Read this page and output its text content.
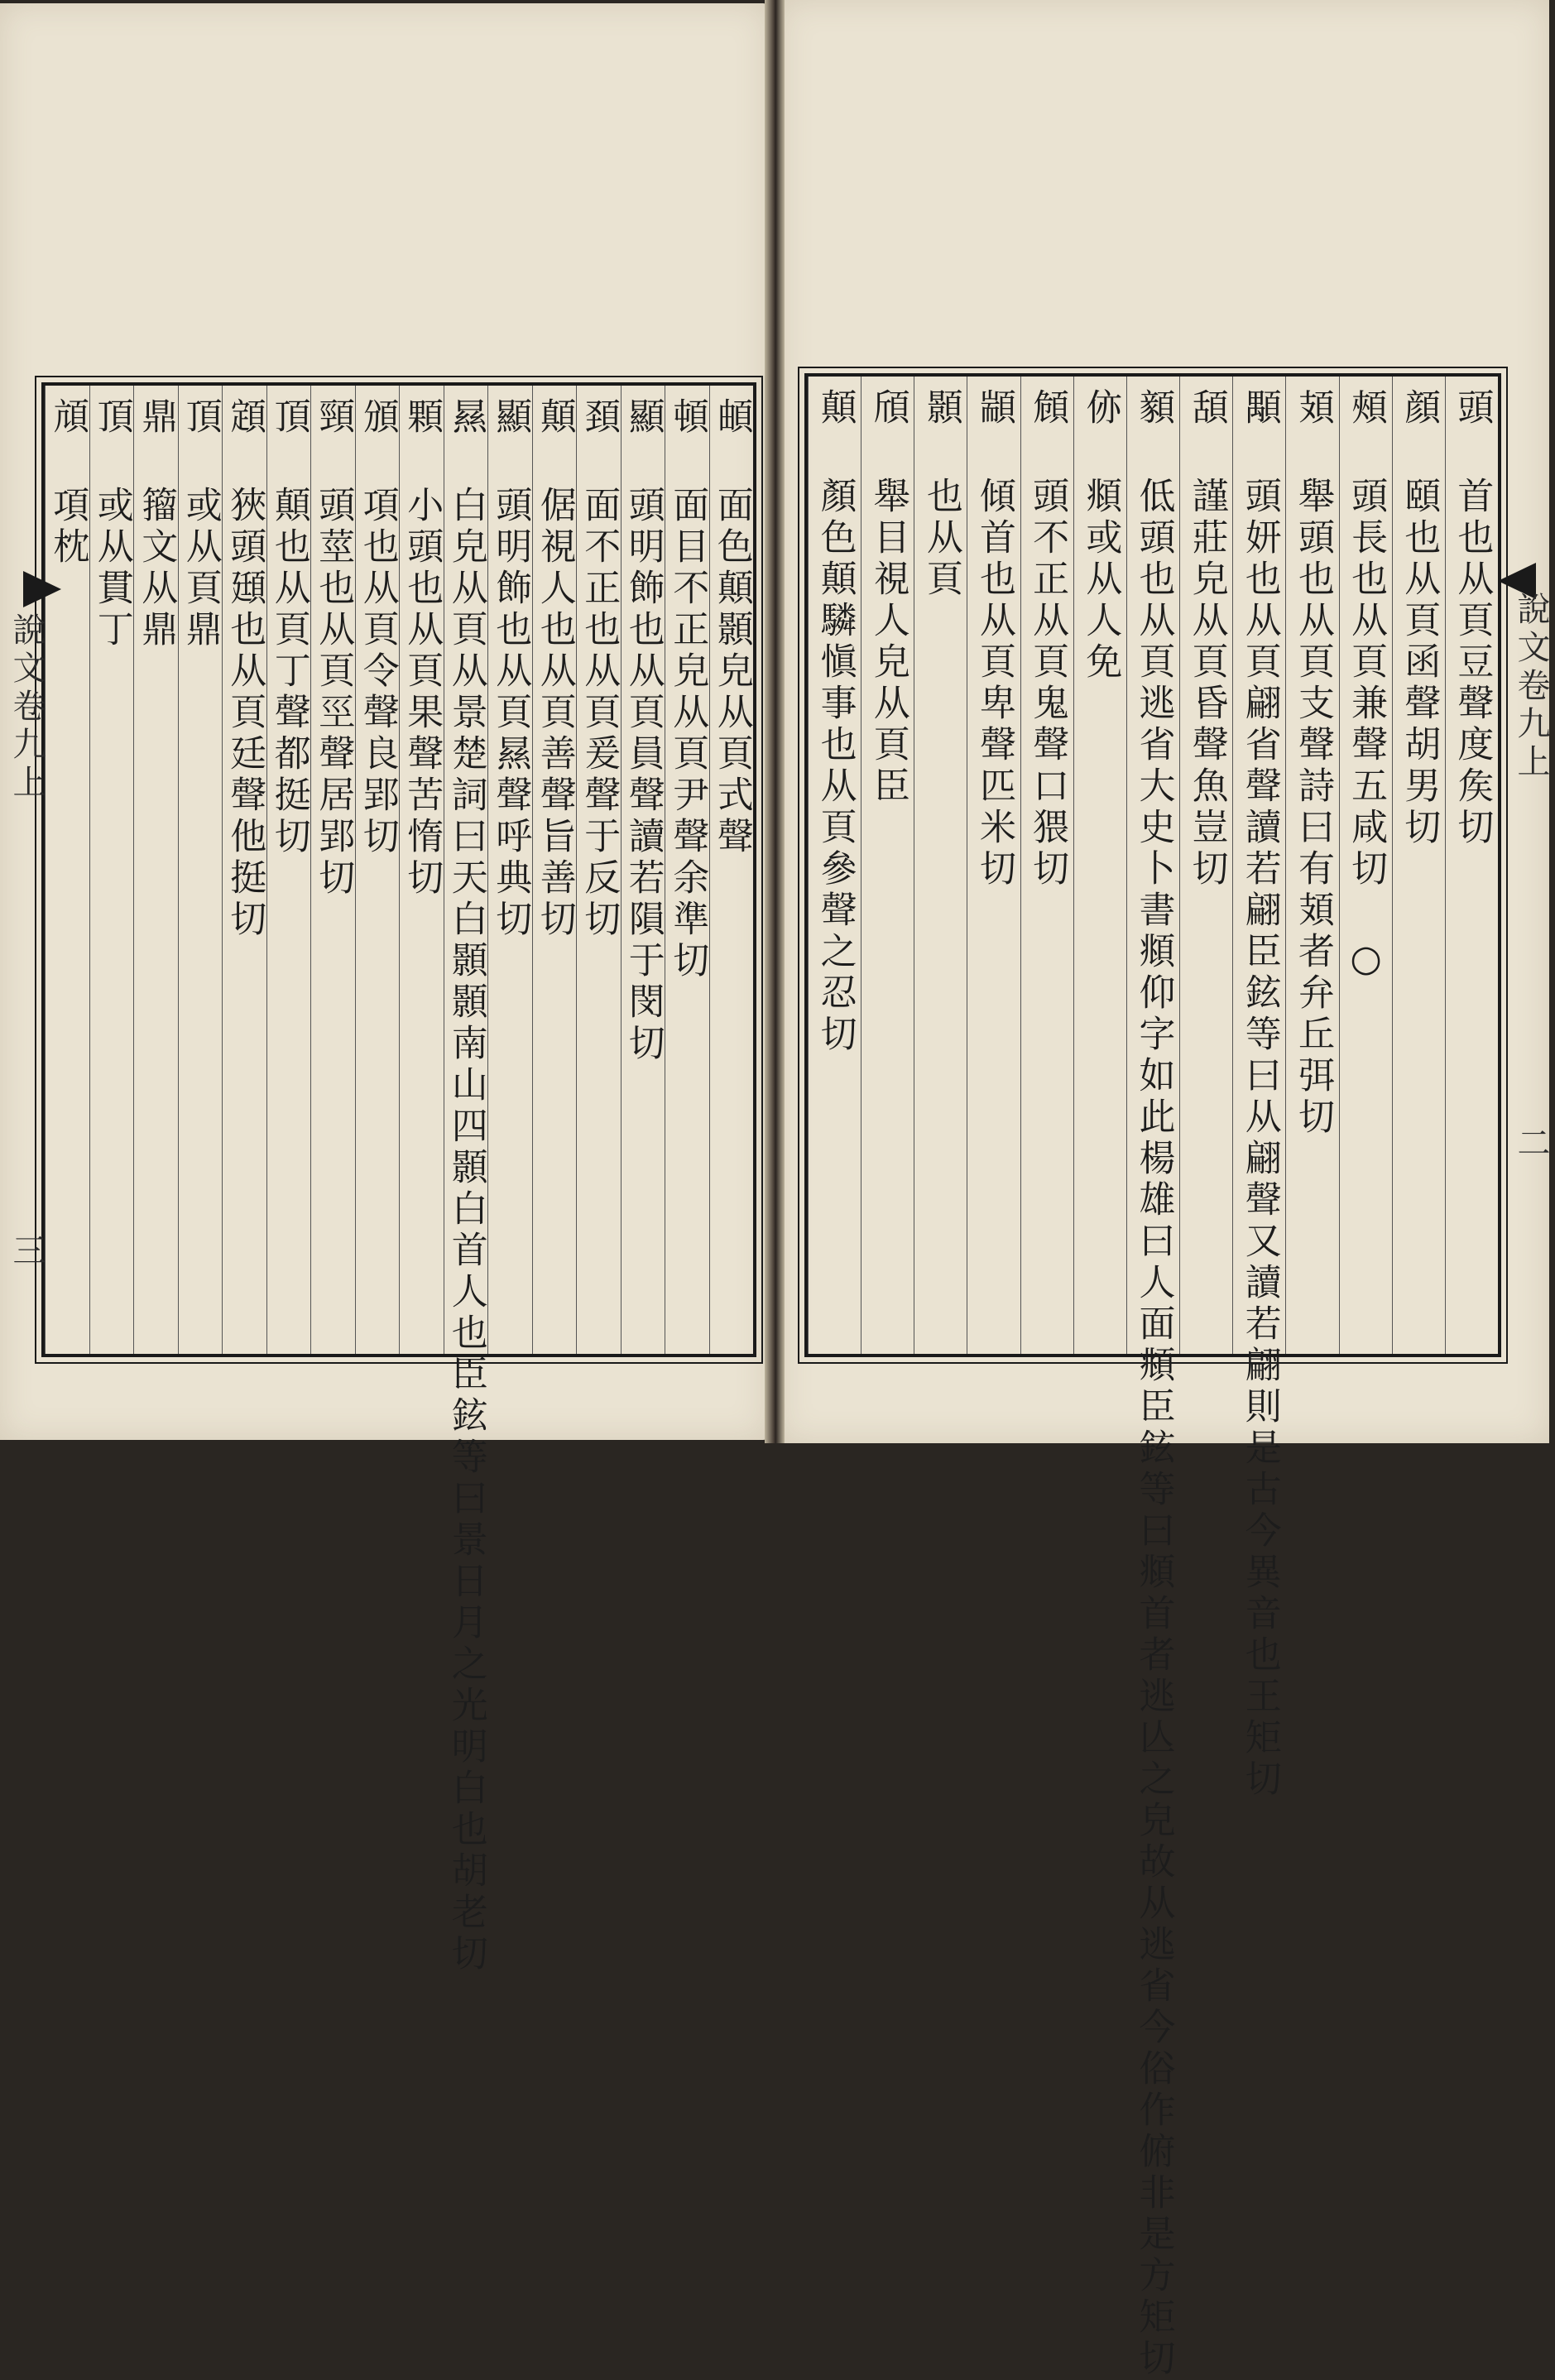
頔 面色顛顥皃从頁式聲
頓 面目不正皃从頁尹聲余準切
顯 頭明飾也从頁員聲讀若隕于閔切
頚 面不正也从頁爰聲于反切
顛 倨視人也从頁善聲旨善切
顯 頭明飾也从頁㬎聲呼典切
㬎 白皃从頁从景楚詞曰天白顥顥南山四顥白首人也臣鉉等曰景日月之光明白也胡老切
顆 小頭也从頁果聲苦惰切
頒 項也从頁令聲良郢切
頸 頭莖也从頁巠聲居郢切
頂 顛也从頁丁聲都挺切
顁 狹頭頲也从頁廷聲他挺切
頂 或从頁鼎
鼎 籀文从鼎
頂 或从貫丁
頏 項枕	頭 首也从頁豆聲度矦切
顔 頤也从頁函聲胡男切
頰 頭長也从頁兼聲五咸切 ○
頍 舉頭也从頁支聲詩曰有頍者弁丘弭切
顒 頭妍也从頁翩省聲讀若翩臣鉉等曰从翩聲又讀若翩則是古今異音也王矩切
頢 謹莊皃从頁昏聲魚豈切
顡 低頭也从頁逃省大史卜書頫仰字如此楊雄曰人面頫臣鉉等曰頫首者逃亾之皃故从逃省今俗作俯非是方矩切
㑊 頫或从人免
頠 頭不正从頁鬼聲口猥切
顓 傾首也从頁卑聲匹米切
顥 也从頁
頎 舉目視人皃从頁臣
顛 顏色顛驎愼事也从頁參聲之忍切
說文卷九上
三
說文卷九上
二
